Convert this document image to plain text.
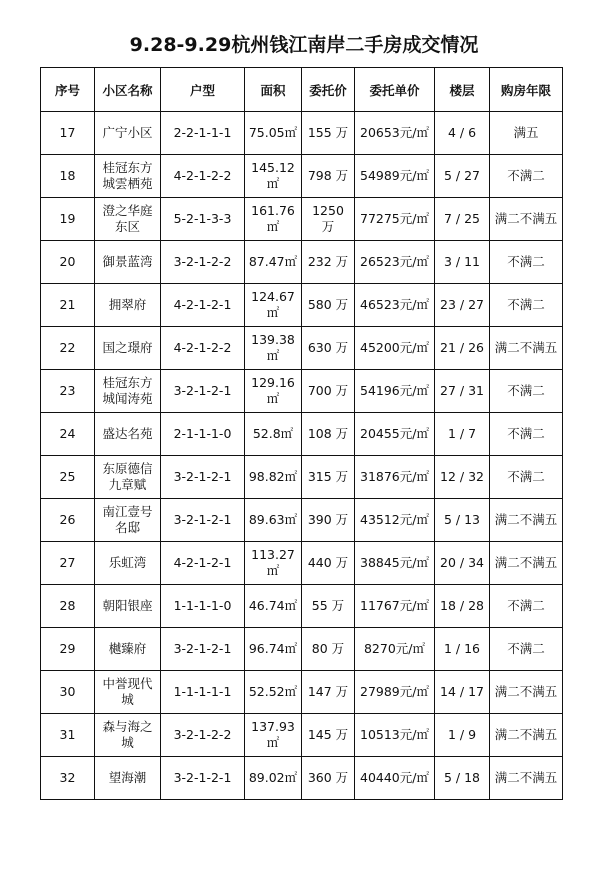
9.28-9.29杭州钱江南岸二手房成交情况
序号	小区名称	户型	面积	委托价	委托单价	楼层	购房年限
17	广宁小区	2-2-1-1-1	75.05㎡	155 万	20653元/㎡	4 / 6	满五
18	桂冠东方城雲栖苑	4-2-1-2-2	145.12㎡	798 万	54989元/㎡	5 / 27	不满二
19	澄之华庭东区	5-2-1-3-3	161.76㎡	1250 万	77275元/㎡	7 / 25	满二不满五
20	御景蓝湾	3-2-1-2-2	87.47㎡	232 万	26523元/㎡	3 / 11	不满二
21	拥翠府	4-2-1-2-1	124.67㎡	580 万	46523元/㎡	23 / 27	不满二
22	国之璟府	4-2-1-2-2	139.38㎡	630 万	45200元/㎡	21 / 26	满二不满五
23	桂冠东方城闻涛苑	3-2-1-2-1	129.16㎡	700 万	54196元/㎡	27 / 31	不满二
24	盛达名苑	2-1-1-1-0	52.8㎡	108 万	20455元/㎡	1 / 7	不满二
25	东原德信九章赋	3-2-1-2-1	98.82㎡	315 万	31876元/㎡	12 / 32	不满二
26	南江壹号名邸	3-2-1-2-1	89.63㎡	390 万	43512元/㎡	5 / 13	满二不满五
27	乐虹湾	4-2-1-2-1	113.27㎡	440 万	38845元/㎡	20 / 34	满二不满五
28	朝阳银座	1-1-1-1-0	46.74㎡	55 万	11767元/㎡	18 / 28	不满二
29	樾臻府	3-2-1-2-1	96.74㎡	80 万	8270元/㎡	1 / 16	不满二
30	中誉现代城	1-1-1-1-1	52.52㎡	147 万	27989元/㎡	14 / 17	满二不满五
31	森与海之城	3-2-1-2-2	137.93㎡	145 万	10513元/㎡	1 / 9	满二不满五
32	望海潮	3-2-1-2-1	89.02㎡	360 万	40440元/㎡	5 / 18	满二不满五
